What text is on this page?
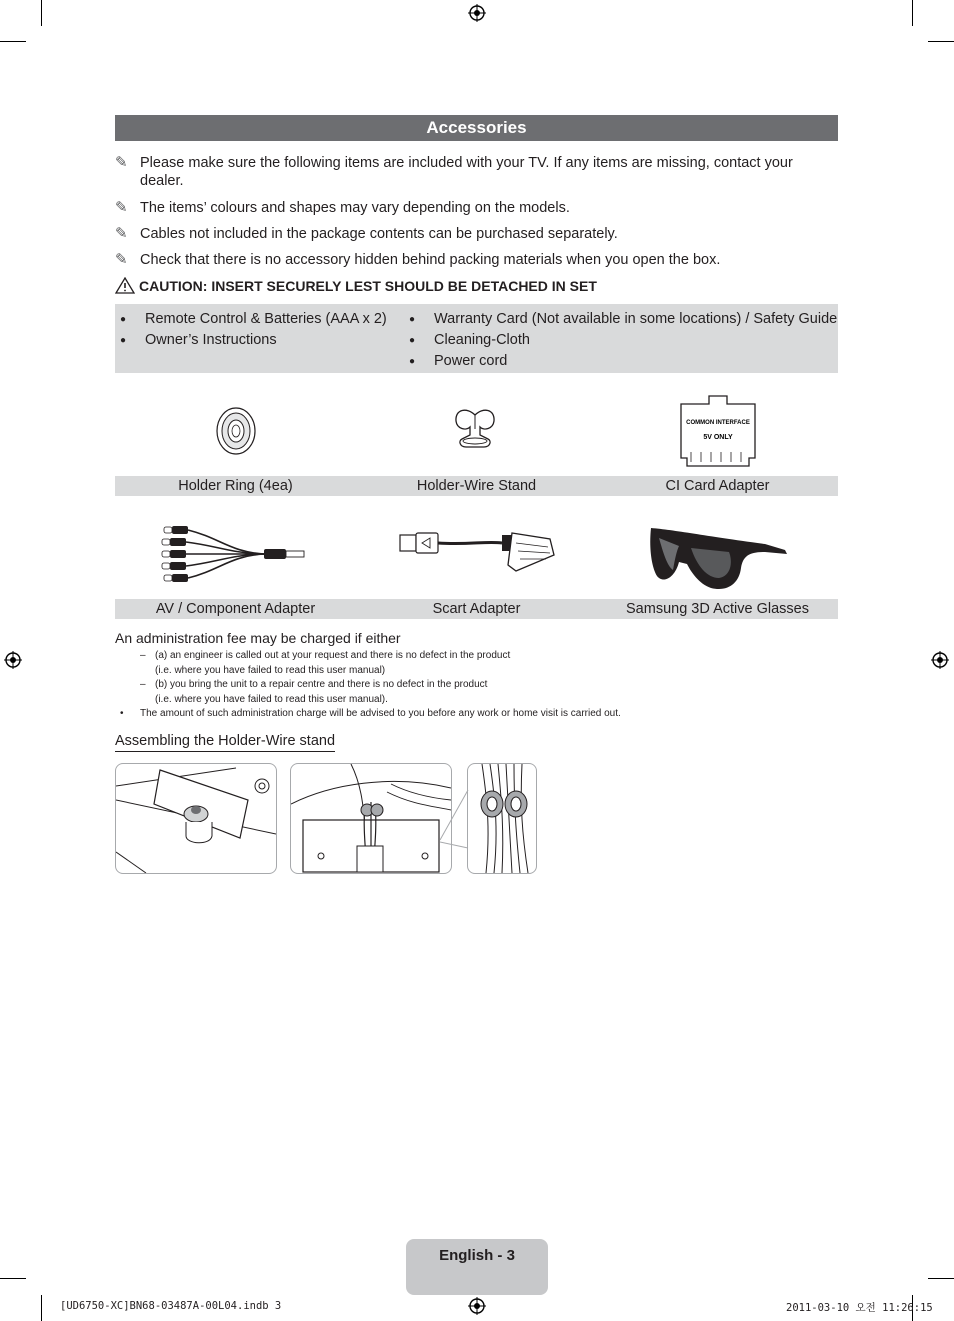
Accessories
✎ Please make sure the following items are included with your TV. If any items are missing, contact your dealer.
✎ The items’ colours and shapes may vary depending on the models.
✎ Cables not included in the package contents can be purchased separately.
✎ Check that there is no accessory hidden behind packing materials when you open the box.
CAUTION: INSERT SECURELY LEST SHOULD BE DETACHED IN SET
● Remote Control & Batteries (AAA x 2)
● Owner’s Instructions
● Warranty Card (Not available in some locations) / Safety Guide
● Cleaning-Cloth
● Power cord
COMMON INTERFACE
5V ONLY
Holder Ring (4ea)	Holder-Wire Stand	CI Card Adapter
AV / Component Adapter	Scart Adapter	Samsung 3D Active Glasses
An administration fee may be charged if either
– (a) an engineer is called out at your request and there is no defect in the product
(i.e. where you have failed to read this user manual)
– (b) you bring the unit to a repair centre and there is no defect in the product
(i.e. where you have failed to read this user manual).
• The amount of such administration charge will be advised to you before any work or home visit is carried out.
Assembling the Holder-Wire stand
English - 3
[UD6750-XC]BN68-03487A-00L04.indb 3	2011-03-10 오전 11:26:15
